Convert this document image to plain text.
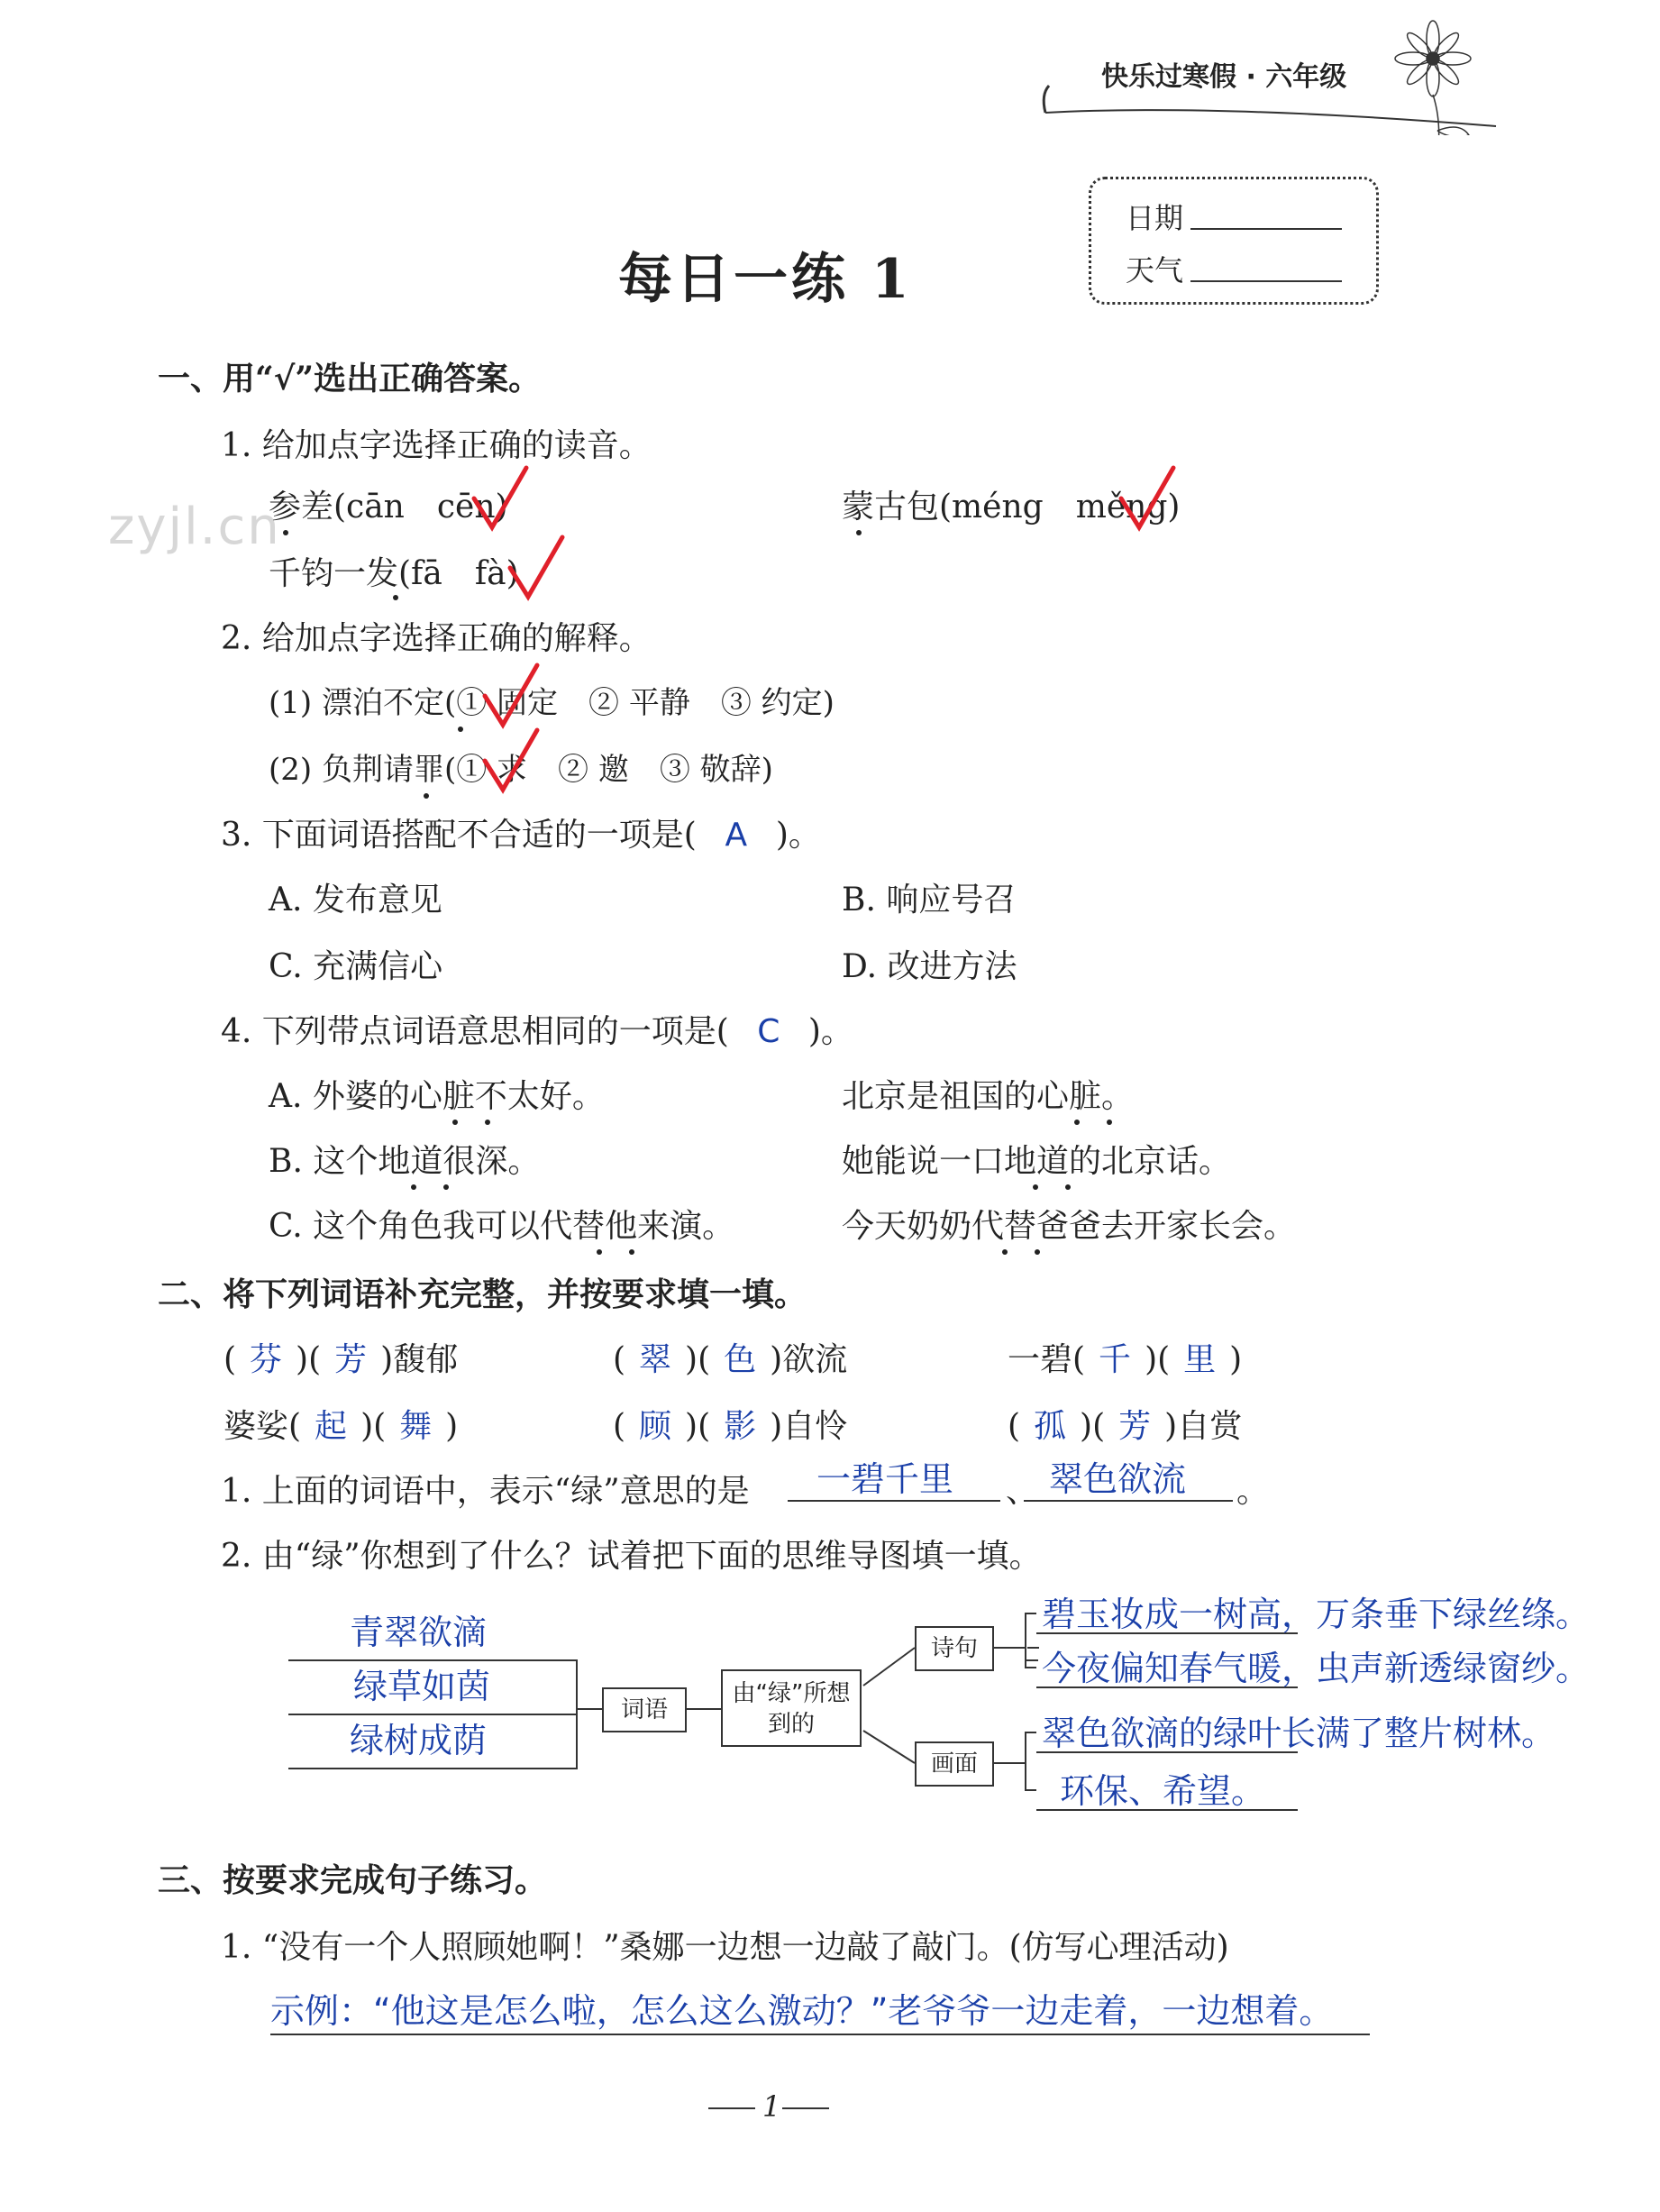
快乐过寒假 · 六年级
日期
天气
每日一练 1
zyjl.cn
一、用“√”选出正确答案。
1. 给加点字选择正确的读音。
参差(cān　cēn)	蒙古包(méng　měng)
千钧一发(fā　fà)
2. 给加点字选择正确的解释。
(1) 漂泊不定(① 固定　② 平静　③ 约定)
(2) 负荆请罪(① 求　② 邀　③ 敬辞)
3. 下面词语搭配不合适的一项是( A )。
A. 发布意见	B. 响应号召
C. 充满信心	D. 改进方法
4. 下列带点词语意思相同的一项是( C )。
A. 外婆的心脏不太好。	北京是祖国的心脏。
B. 这个地道很深。	她能说一口地道的北京话。
C. 这个角色我可以代替他来演。	今天奶奶代替爸爸去开家长会。
二、将下列词语补充完整，并按要求填一填。
( 芬 )( 芳 )馥郁	( 翠 )( 色 )欲流	一碧( 千 )( 里 )
婆娑( 起 )( 舞 )	( 顾 )( 影 )自怜	( 孤 )( 芳 )自赏
1. 上面的词语中，表示“绿”意思的是 一碧千里 、 翠色欲流 。
2. 由“绿”你想到了什么？试着把下面的思维导图填一填。
青翠欲滴
绿草如茵
绿树成荫
词语
由“绿”所想到的
诗句
画面
碧玉妆成一树高，万条垂下绿丝绦。
今夜偏知春气暖，虫声新透绿窗纱。
翠色欲滴的绿叶长满了整片树林。
环保、希望。
三、按要求完成句子练习。
1. “没有一个人照顾她啊！”桑娜一边想一边敲了敲门。(仿写心理活动)
示例：“他这是怎么啦，怎么这么激动？”老爷爷一边走着，一边想着。
1
